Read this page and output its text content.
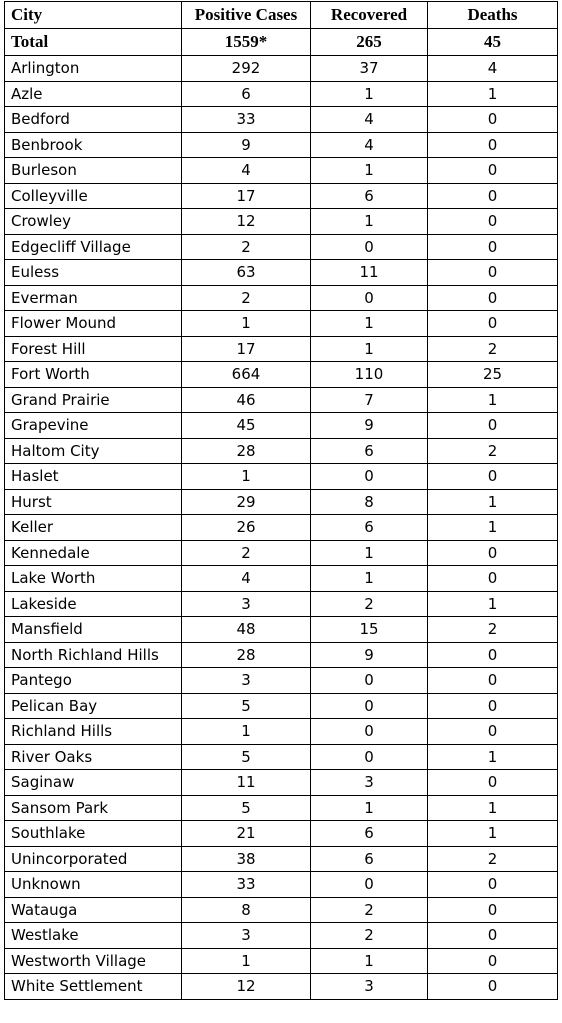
City	Positive Cases	Recovered	Deaths
Total	1559*	265	45
Arlington	292	37	4
Azle	6	1	1
Bedford	33	4	0
Benbrook	9	4	0
Burleson	4	1	0
Colleyville	17	6	0
Crowley	12	1	0
Edgecliff Village	2	0	0
Euless	63	11	0
Everman	2	0	0
Flower Mound	1	1	0
Forest Hill	17	1	2
Fort Worth	664	110	25
Grand Prairie	46	7	1
Grapevine	45	9	0
Haltom City	28	6	2
Haslet	1	0	0
Hurst	29	8	1
Keller	26	6	1
Kennedale	2	1	0
Lake Worth	4	1	0
Lakeside	3	2	1
Mansfield	48	15	2
North Richland Hills	28	9	0
Pantego	3	0	0
Pelican Bay	5	0	0
Richland Hills	1	0	0
River Oaks	5	0	1
Saginaw	11	3	0
Sansom Park	5	1	1
Southlake	21	6	1
Unincorporated	38	6	2
Unknown	33	0	0
Watauga	8	2	0
Westlake	3	2	0
Westworth Village	1	1	0
White Settlement	12	3	0
